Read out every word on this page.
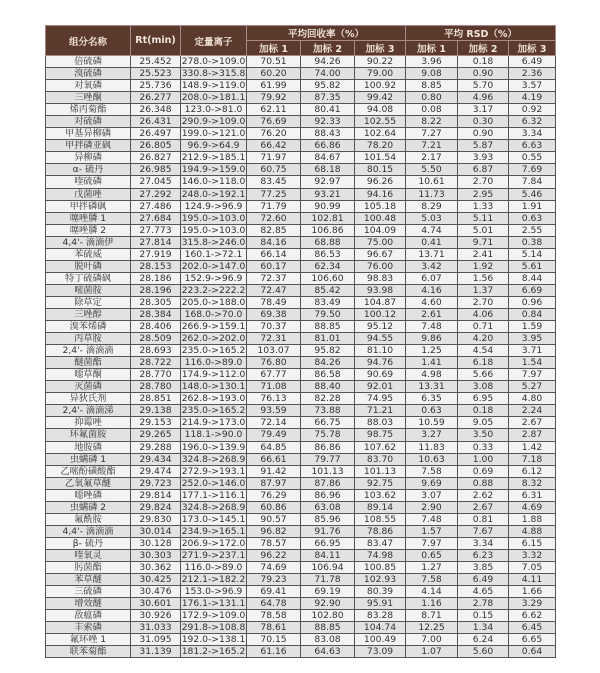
组分名称	Rt(min)	定量离子	平均回收率（%）			平均 RSD（%）		
			加标 1	加标 2	加标 3	加标 1	加标 2	加标 3
倍硫磷	25.452	278.0->109.0	70.51	94.26	90.22	3.96	0.18	6.49
溴硫磷	25.523	330.8->315.8	60.20	74.00	79.00	9.08	0.90	2.36
对氧磷	25.736	148.9->119.0	61.99	95.82	100.92	8.85	5.70	3.57
三唑酮	26.277	208.0->181.1	79.92	87.35	99.42	0.80	4.96	4.19
烯丙菊酯	26.348	123.0->81.0	62.11	80.41	94.08	0.08	3.17	0.92
对硫磷	26.431	290.9->109.0	76.69	92.33	102.55	8.22	0.30	6.32
甲基异柳磷	26.497	199.0->121.0	76.20	88.43	102.64	7.27	0.90	3.34
甲拌磷亚砜	26.805	96.9->64.9	66.42	66.86	78.20	7.21	5.87	6.63
异柳磷	26.827	212.9->185.1	71.97	84.67	101.54	2.17	3.93	0.55
α- 硫丹	26.985	194.9->159.0	60.75	68.18	80.15	5.50	6.87	7.69
喹硫磷	27.045	146.0->118.0	83.45	92.97	96.26	10.61	2.70	7.84
戊菌唑	27.292	248.0->192.1	77.25	93.21	94.16	11.73	2.95	5.46
甲拌磷砜	27.486	124.9->96.9	71.79	90.99	105.18	8.29	1.33	1.91
噻唑膦 1	27.684	195.0->103.0	72.60	102.81	100.48	5.03	5.11	0.63
噻唑膦 2	27.773	195.0->103.0	82.85	106.86	104.09	4.74	5.01	2.55
4,4'- 滴滴伊	27.814	315.8->246.0	84.16	68.88	75.00	0.41	9.71	0.38
苯硫威	27.919	160.1->72.1	66.14	86.53	96.67	13.71	2.41	5.14
脱叶磷	28.153	202.0->147.0	60.17	62.34	76.00	3.42	1.92	5.61
特丁硫磷砜	28.186	152.9->96.9	72.37	106.60	98.83	6.07	1.56	8.44
嘧菌胺	28.196	223.2->222.2	72.47	85.42	93.98	4.16	1.37	6.69
除草定	28.305	205.0->188.0	78.49	83.49	104.87	4.60	2.70	0.96
三唑醇	28.384	168.0->70.0	69.38	79.50	100.12	2.61	4.06	0.84
溴苯烯磷	28.406	266.9->159.1	70.37	88.85	95.12	7.48	0.71	1.59
丙草胺	28.509	262.0->202.0	72.31	81.01	94.55	9.86	4.20	3.95
2,4'- 滴滴滴	28.693	235.0->165.2	103.07	95.82	81.10	1.25	4.54	3.71
醚菌酯	28.722	116.0->89.0	76.80	84.26	94.76	1.41	6.18	1.54
噁草酮	28.770	174.9->112.0	67.77	86.58	90.69	4.98	5.66	7.97
灭菌磷	28.780	148.0->130.1	71.08	88.40	92.01	13.31	3.08	5.27
异狄氏剂	28.851	262.8->193.0	76.13	82.28	74.95	6.35	6.95	4.80
2,4'- 滴滴涕	29.138	235.0->165.2	93.59	73.88	71.21	0.63	0.18	2.24
抑霉唑	29.153	214.9->173.0	72.14	66.75	88.03	10.59	9.05	2.67
环氟菌胺	29.265	118.1->90.0	79.49	75.78	98.75	3.27	3.50	2.87
地胺磷	29.288	196.0->139.9	64.85	86.86	107.62	11.83	0.33	1.42
虫螨磷 1	29.434	324.8->268.9	66.61	79.77	83.70	10.63	1.00	7.18
乙嘧酚磺酸酯	29.474	272.9->193.1	91.42	101.13	101.13	7.58	0.69	6.12
乙氧氟草醚	29.723	252.0->146.0	87.97	87.86	92.75	9.69	0.88	8.32
噁唑磷	29.814	177.1->116.1	76.29	86.96	103.62	3.07	2.62	6.31
虫螨磷 2	29.824	324.8->268.9	60.86	63.08	89.14	2.90	2.67	4.69
氟酰胺	29.830	173.0->145.1	90.57	85.96	108.55	7.48	0.81	1.88
4,4'- 滴滴滴	30.014	234.9->165.1	96.82	91.76	78.86	1.57	7.67	4.88
β- 硫丹	30.128	206.9->172.0	78.57	66.95	83.47	7.97	3.34	6.15
喹氧灵	30.303	271.9->237.1	96.22	84.11	74.98	0.65	6.23	3.32
肟菌酯	30.362	116.0->89.0	74.69	106.94	100.85	1.27	3.85	7.05
苯草醚	30.425	212.1->182.2	79.23	71.78	102.93	7.58	6.49	4.11
三硫磷	30.476	153.0->96.9	69.41	69.19	80.39	4.14	4.65	1.66
增效醚	30.601	176.1->131.1	64.78	92.90	95.91	1.16	2.78	3.29
敌瘟磷	30.926	172.9->109.0	78.58	102.80	83.28	8.71	0.15	6.62
丰索磷	31.033	291.8->108.8	78.61	88.85	104.74	12.25	1.34	6.45
氟环唑 1	31.095	192.0->138.1	70.15	83.08	100.49	7.00	6.24	6.65
联苯菊酯	31.139	181.2->165.2	61.16	64.63	73.09	1.07	5.60	0.64
